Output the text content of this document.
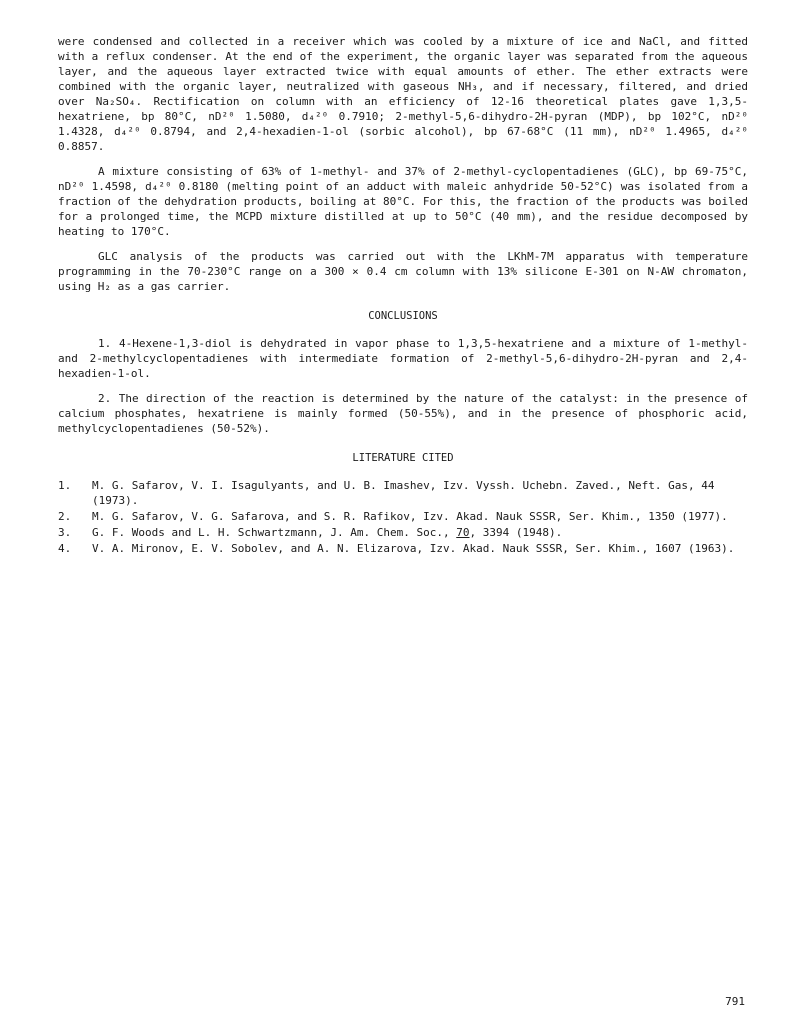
were condensed and collected in a receiver which was cooled by a mixture of ice and NaCl, and fitted with a reflux condenser. At the end of the experiment, the organic layer was separated from the aqueous layer, and the aqueous layer extracted twice with equal amounts of ether. The ether extracts were combined with the organic layer, neutralized with gaseous NH₃, and if necessary, filtered, and dried over Na₂SO₄. Rectification on column with an efficiency of 12-16 theoretical plates gave 1,3,5-hexatriene, bp 80°C, nD²⁰ 1.5080, d₄²⁰ 0.7910; 2-methyl-5,6-dihydro-2H-pyran (MDP), bp 102°C, nD²⁰ 1.4328, d₄²⁰ 0.8794, and 2,4-hexadien-1-ol (sorbic alcohol), bp 67-68°C (11 mm), nD²⁰ 1.4965, d₄²⁰ 0.8857.

A mixture consisting of 63% of 1-methyl- and 37% of 2-methyl-cyclopentadienes (GLC), bp 69-75°C, nD²⁰ 1.4598, d₄²⁰ 0.8180 (melting point of an adduct with maleic anhydride 50-52°C) was isolated from a fraction of the dehydration products, boiling at 80°C. For this, the fraction of the products was boiled for a prolonged time, the MCPD mixture distilled at up to 50°C (40 mm), and the residue decomposed by heating to 170°C.

GLC analysis of the products was carried out with the LKhM-7M apparatus with temperature programming in the 70-230°C range on a 300 × 0.4 cm column with 13% silicone E-301 on N-AW chromaton, using H₂ as a gas carrier.

CONCLUSIONS

1. 4-Hexene-1,3-diol is dehydrated in vapor phase to 1,3,5-hexatriene and a mixture of 1-methyl- and 2-methylcyclopentadienes with intermediate formation of 2-methyl-5,6-dihydro-2H-pyran and 2,4-hexadien-1-ol.

2. The direction of the reaction is determined by the nature of the catalyst: in the presence of calcium phosphates, hexatriene is mainly formed (50-55%), and in the presence of phosphoric acid, methylcyclopentadienes (50-52%).

LITERATURE CITED
1.	M. G. Safarov, V. I. Isagulyants, and U. B. Imashev, Izv. Vyssh. Uchebn. Zaved., Neft. Gas, 44 (1973).
2.	M. G. Safarov, V. G. Safarova, and S. R. Rafikov, Izv. Akad. Nauk SSSR, Ser. Khim., 1350 (1977).
3.	G. F. Woods and L. H. Schwartzmann, J. Am. Chem. Soc., 70, 3394 (1948).
4.	V. A. Mironov, E. V. Sobolev, and A. N. Elizarova, Izv. Akad. Nauk SSSR, Ser. Khim., 1607 (1963).
791
